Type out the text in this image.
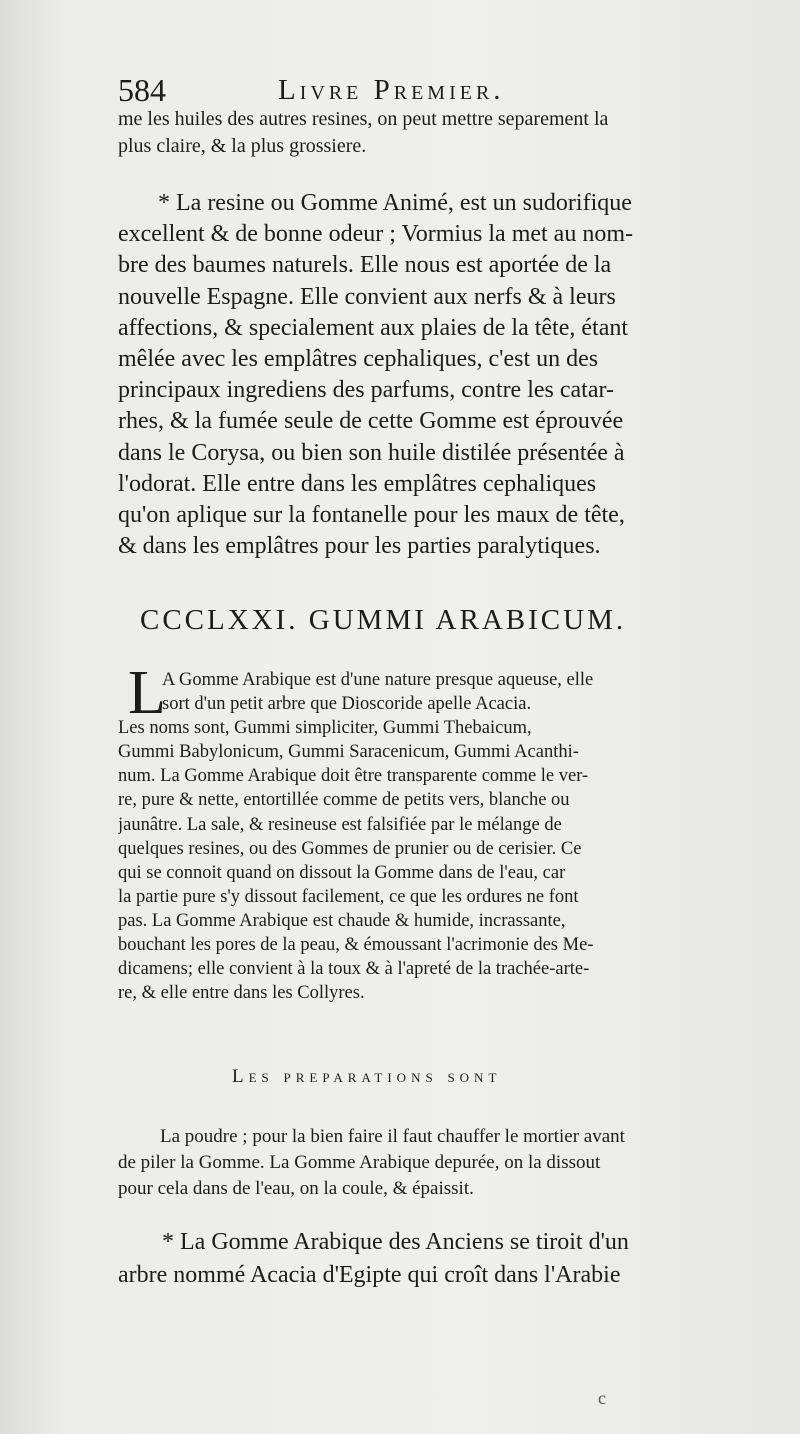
584	Livre Premier.
me les huiles des autres resines, on peut mettre separement la
plus claire, & la plus grossiere.
* La resine ou Gomme Animé, est un sudorifique
excellent & de bonne odeur ; Vormius la met au nom-
bre des baumes naturels. Elle nous est aportée de la
nouvelle Espagne. Elle convient aux nerfs & à leurs
affections, & specialement aux plaies de la tête, étant
mêlée avec les emplâtres cephaliques, c'est un des
principaux ingrediens des parfums, contre les catar-
rhes, & la fumée seule de cette Gomme est éprouvée
dans le Corysa, ou bien son huile distilée présentée à
l'odorat. Elle entre dans les emplâtres cephaliques
qu'on aplique sur la fontanelle pour les maux de tête,
& dans les emplâtres pour les parties paralytiques.
CCCLXXI. GUMMI ARABICUM.
L
A Gomme Arabique est d'une nature presque aqueuse, elle
sort d'un petit arbre que Dioscoride apelle Acacia.
Les noms sont, Gummi simpliciter, Gummi Thebaicum,
Gummi Babylonicum, Gummi Saracenicum, Gummi Acanthi-
num. La Gomme Arabique doit être transparente comme le ver-
re, pure & nette, entortillée comme de petits vers, blanche ou
jaunâtre. La sale, & resineuse est falsifiée par le mélange de
quelques resines, ou des Gommes de prunier ou de cerisier. Ce
qui se connoit quand on dissout la Gomme dans de l'eau, car
la partie pure s'y dissout facilement, ce que les ordures ne font
pas. La Gomme Arabique est chaude & humide, incrassante,
bouchant les pores de la peau, & émoussant l'acrimonie des Me-
dicamens; elle convient à la toux & à l'apreté de la trachée-arte-
re, & elle entre dans les Collyres.
Les preparations sont
La poudre ; pour la bien faire il faut chauffer le mortier avant
de piler la Gomme. La Gomme Arabique depurée, on la dissout
pour cela dans de l'eau, on la coule, & épaissit.
* La Gomme Arabique des Anciens se tiroit d'un
arbre nommé Acacia d'Egipte qui croît dans l'Arabie
c
